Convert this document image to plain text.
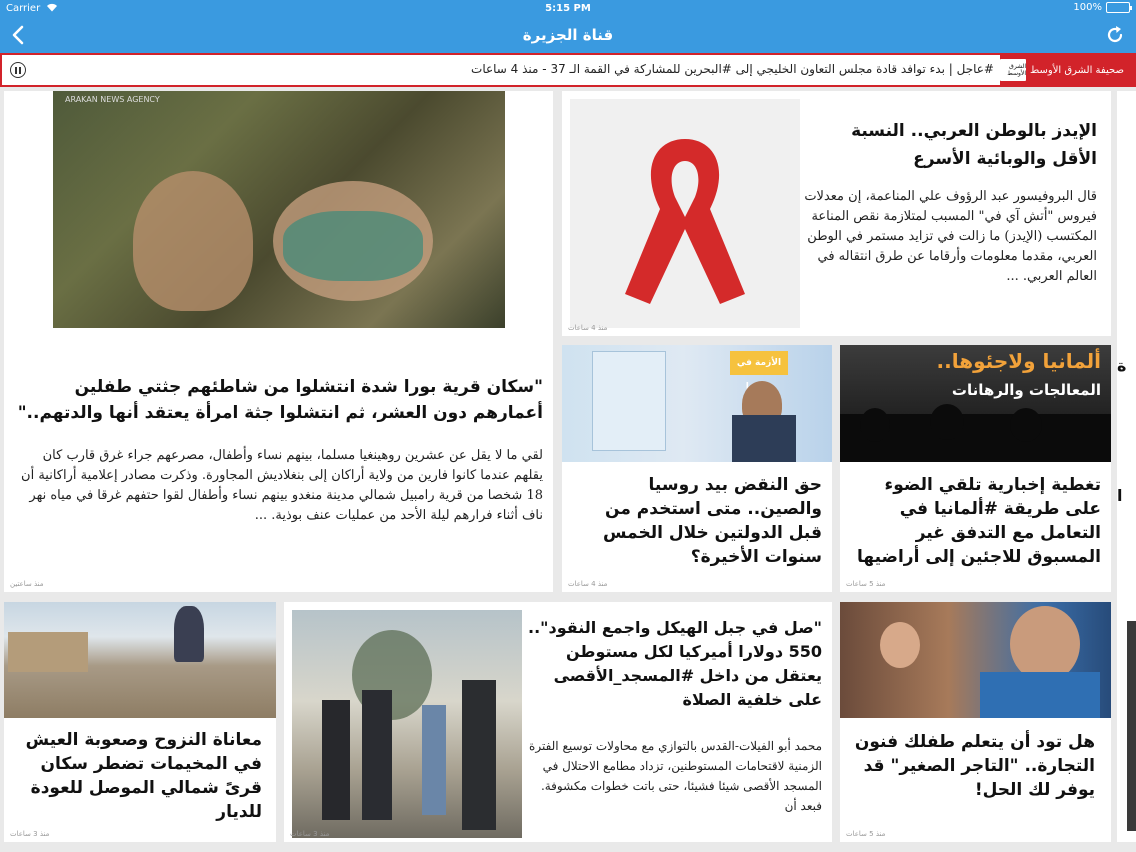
Carrier	5:15 PM	100%
قناة الجزيرة
#عاجل | بدء توافد قادة مجلس التعاون الخليجي إلى #البحرين للمشاركة في القمة الـ 37 - منذ 4 ساعات	صحيفة الشرق الأوسط
الشرق الأوسط
ARAKAN NEWS AGENCY
"سكان قرية بورا شدة انتشلوا من شاطئهم جثتي طفلين أعمارهم دون العشر، ثم انتشلوا جثة امرأة يعتقد أنها والدتهم.."
لقي ما لا يقل عن عشرين روهينغيا مسلما، بينهم نساء وأطفال، مصرعهم جراء غرق قارب كان يقلهم عندما كانوا فارين من ولاية أراكان إلى بنغلاديش المجاورة. وذكرت مصادر إعلامية أراكانية أن 18 شخصا من قرية رامبيل شمالي مدينة منغدو بينهم نساء وأطفال لقوا حتفهم غرقا في مياه نهر ناف أثناء فرارهم ليلة الأحد من عمليات عنف بوذية. ...
منذ ساعتين
الإيدز بالوطن العربي.. النسبة الأقل والوبائية الأسرع
قال البروفيسور عبد الرؤوف علي المناعمة، إن معدلات فيروس "أتش آي في" المسبب لمتلازمة نقص المناعة المكتسب (الإيدز) ما زالت في تزايد مستمر في الوطن العربي، مقدما معلومات وأرقاما عن طرق انتقاله في العالم العربي. ...
منذ 4 ساعات
الأزمة في
حق النقض بيد روسيا والصين.. متى استخدم من قبل الدولتين خلال الخمس سنوات الأخيرة؟
منذ 4 ساعات
ألمانيا ولاجئوها..
المعالجات والرهانات
تغطية إخبارية تلقي الضوء على طريقة #ألمانيا في التعامل مع التدفق غير المسبوق للاجئين إلى أراضيها
منذ 5 ساعات
معاناة النزوح وصعوبة العيش في المخيمات تضطر سكان قرىً شمالي الموصل للعودة للديار
منذ 3 ساعات
"صل في جبل الهيكل واجمع النقود".. 550 دولارا أميركيا لكل مستوطن يعتقل من داخل #المسجد_الأقصى على خلفية الصلاة
محمد أبو الفيلات-القدس بالتوازي مع محاولات توسيع الفترة الزمنية لاقتحامات المستوطنين، تزداد مطامع الاحتلال في المسجد الأقصى شيئا فشيئا، حتى باتت خطوات مكشوفة. فبعد أن
منذ 3 ساعات
هل تود أن يتعلم طفلك فنون التجارة.. "التاجر الصغير" قد يوفر لك الحل!
منذ 5 ساعات
ة
ا
